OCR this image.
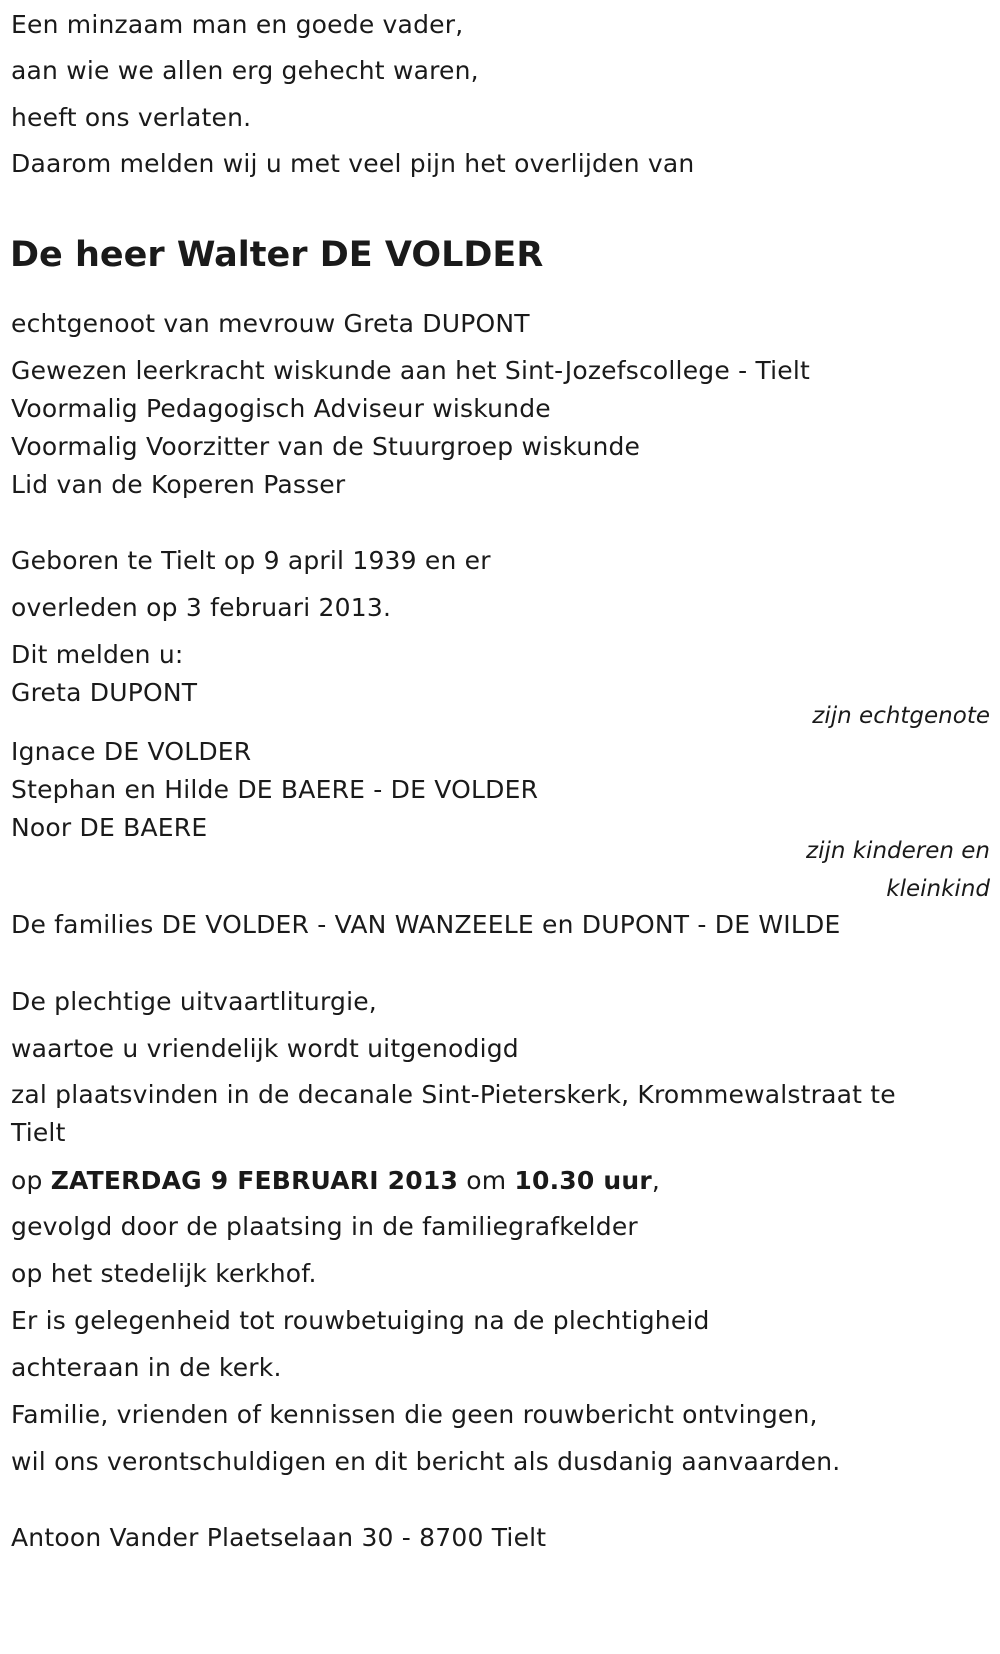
Een minzaam man en goede vader,
aan wie we allen erg gehecht waren,
heeft ons verlaten.
Daarom melden wij u met veel pijn het overlijden van
De heer Walter DE VOLDER
echtgenoot van mevrouw Greta DUPONT
Gewezen leerkracht wiskunde aan het Sint-Jozefscollege - Tielt
Voormalig Pedagogisch Adviseur wiskunde
Voormalig Voorzitter van de Stuurgroep wiskunde
Lid van de Koperen Passer
Geboren te Tielt op 9 april 1939 en er
overleden op 3 februari 2013.
Dit melden u:
Greta DUPONT
zijn echtgenote
Ignace DE VOLDER
Stephan en Hilde DE BAERE - DE VOLDER
Noor DE BAERE
zijn kinderen en
kleinkind
De families DE VOLDER - VAN WANZEELE en DUPONT - DE WILDE
De plechtige uitvaartliturgie,
waartoe u vriendelijk wordt uitgenodigd
zal plaatsvinden in de decanale Sint-Pieterskerk, Krommewalstraat te
Tielt
op ZATERDAG 9 FEBRUARI 2013 om 10.30 uur,
gevolgd door de plaatsing in de familiegrafkelder
op het stedelijk kerkhof.
Er is gelegenheid tot rouwbetuiging na de plechtigheid
achteraan in de kerk.
Familie, vrienden of kennissen die geen rouwbericht ontvingen,
wil ons verontschuldigen en dit bericht als dusdanig aanvaarden.
Antoon Vander Plaetselaan 30 - 8700 Tielt
